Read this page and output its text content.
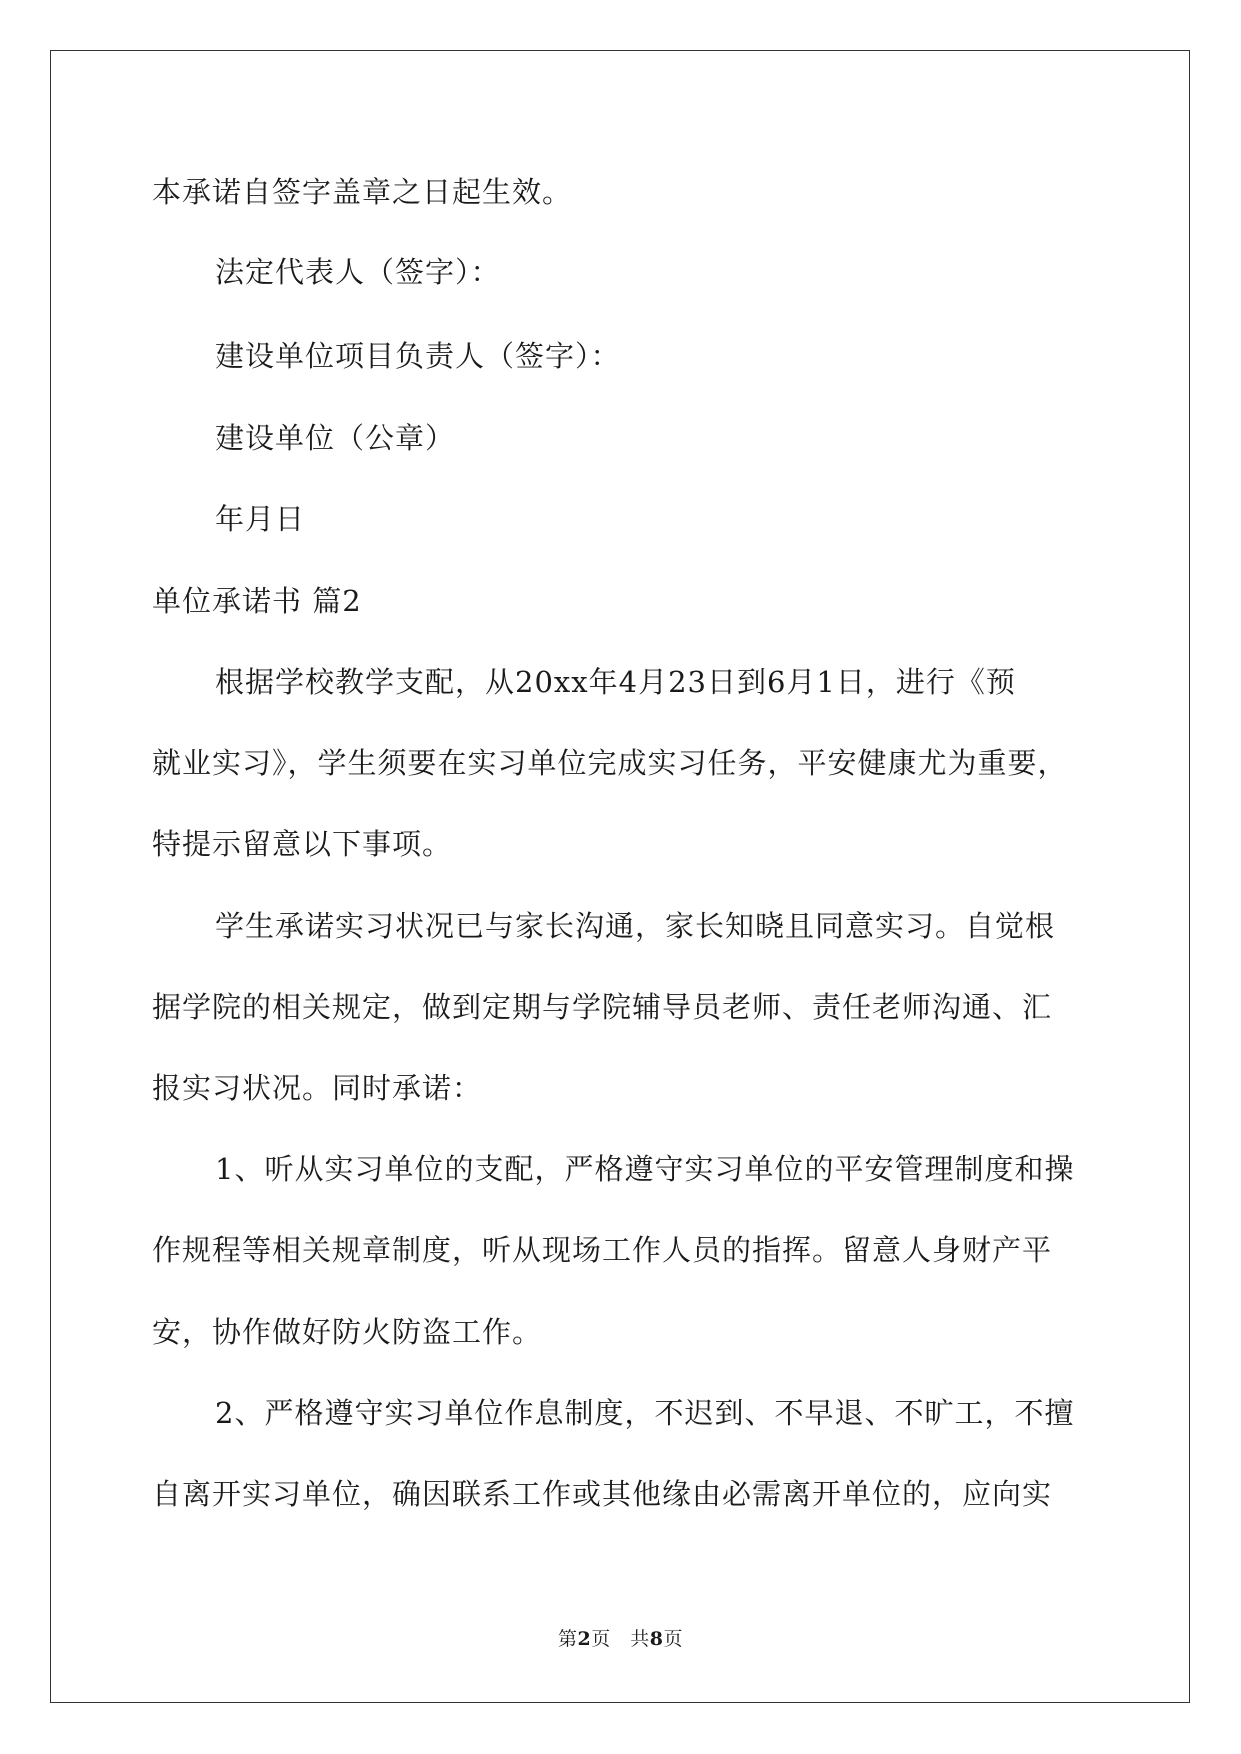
本承诺自签字盖章之日起生效。

法定代表人（签字）：

建设单位项目负责人（签字）：

建设单位（公章）

年月日

单位承诺书 篇2

根据学校教学支配，从20xx年4月23日到6月1日，进行《预

就业实习》，学生须要在实习单位完成实习任务，平安健康尤为重要，

特提示留意以下事项。

学生承诺实习状况已与家长沟通，家长知晓且同意实习。自觉根

据学院的相关规定，做到定期与学院辅导员老师、责任老师沟通、汇

报实习状况。同时承诺：

1、听从实习单位的支配，严格遵守实习单位的平安管理制度和操

作规程等相关规章制度，听从现场工作人员的指挥。留意人身财产平

安，协作做好防火防盗工作。

2、严格遵守实习单位作息制度，不迟到、不早退、不旷工，不擅

自离开实习单位，确因联系工作或其他缘由必需离开单位的，应向实

第2页　共8页
